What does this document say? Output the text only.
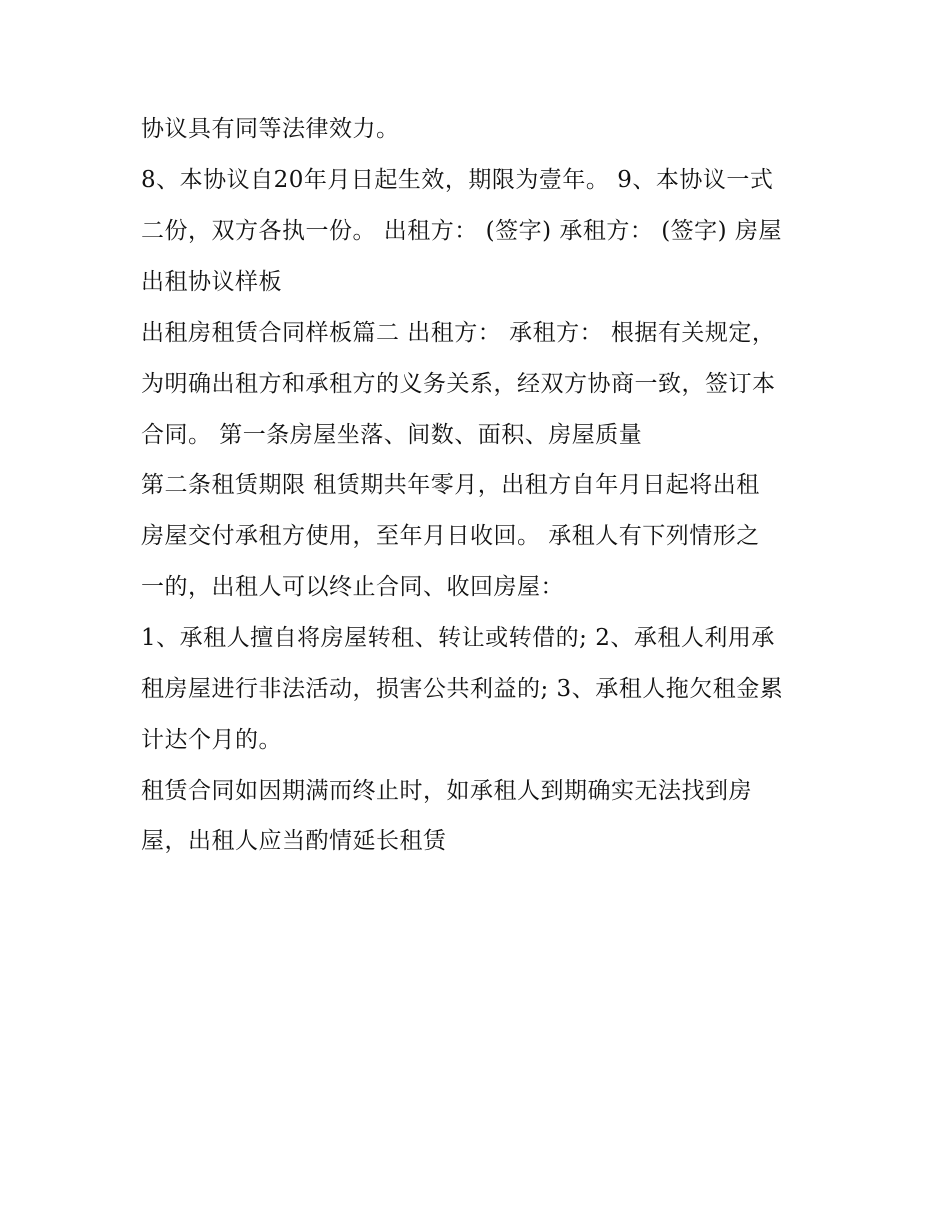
协议具有同等法律效力。

8、本协议自20年月日起生效，期限为壹年。 9、本协议一式

二份，双方各执一份。 出租方： (签字) 承租方： (签字) 房屋

出租协议样板

出租房租赁合同样板篇二 出租方： 承租方： 根据有关规定，

为明确出租方和承租方的义务关系，经双方协商一致，签订本

合同。 第一条房屋坐落、间数、面积、房屋质量

第二条租赁期限 租赁期共年零月，出租方自年月日起将出租

房屋交付承租方使用，至年月日收回。 承租人有下列情形之

一的，出租人可以终止合同、收回房屋：

1、承租人擅自将房屋转租、转让或转借的; 2、承租人利用承

租房屋进行非法活动，损害公共利益的; 3、承租人拖欠租金累

计达个月的。

租赁合同如因期满而终止时，如承租人到期确实无法找到房

屋，出租人应当酌情延长租赁
